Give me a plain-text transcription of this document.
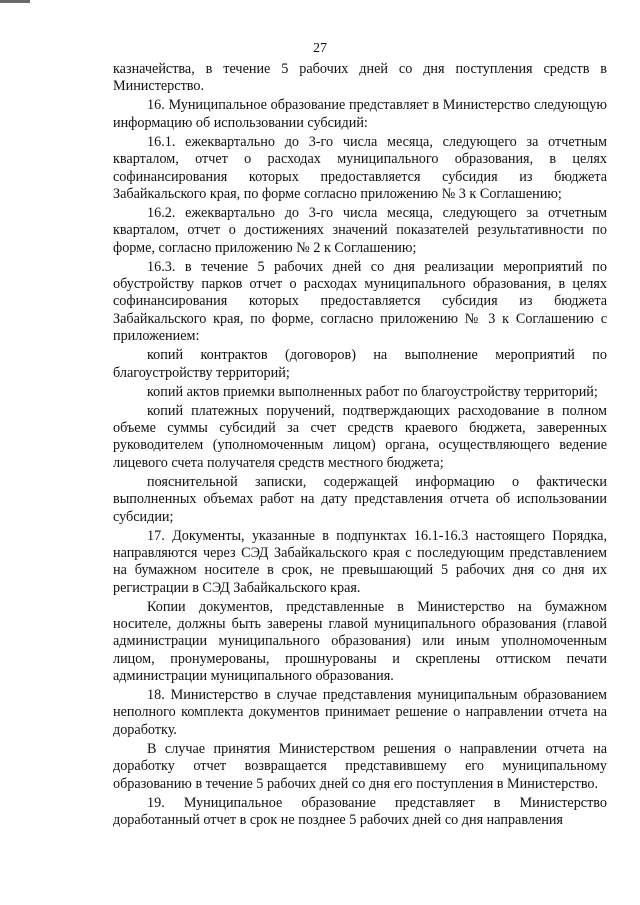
27

казначейства, в течение 5 рабочих дней со дня поступления средств в Министерство.

16. Муниципальное образование представляет в Министерство следующую информацию об использовании субсидий:

16.1. ежеквартально до 3-го числа месяца, следующего за отчетным кварталом, отчет о расходах муниципального образования, в целях софинансирования которых предоставляется субсидия из бюджета Забайкальского края, по форме согласно приложению № 3 к Соглашению;

16.2. ежеквартально до 3-го числа месяца, следующего за отчетным кварталом, отчет о достижениях значений показателей результативности по форме, согласно приложению № 2 к Соглашению;

16.3. в течение 5 рабочих дней со дня реализации мероприятий по обустройству парков отчет о расходах муниципального образования, в целях софинансирования которых предоставляется субсидия из бюджета Забайкальского края, по форме, согласно приложению № 3 к Соглашению с приложением:

копий контрактов (договоров) на выполнение мероприятий по благоустройству территорий;

копий актов приемки выполненных работ по благоустройству территорий;

копий платежных поручений, подтверждающих расходование в полном объеме суммы субсидий за счет средств краевого бюджета, заверенных руководителем (уполномоченным лицом) органа, осуществляющего ведение лицевого счета получателя средств местного бюджета;

пояснительной записки, содержащей информацию о фактически выполненных объемах работ на дату представления отчета об использовании субсидии;

17. Документы, указанные в подпунктах 16.1-16.3 настоящего Порядка, направляются через СЭД Забайкальского края с последующим представлением на бумажном носителе в срок, не превышающий 5 рабочих дня со дня их регистрации в СЭД Забайкальского края.

Копии документов, представленные в Министерство на бумажном носителе, должны быть заверены главой муниципального образования (главой администрации муниципального образования) или иным уполномоченным лицом, пронумерованы, прошнурованы и скреплены оттиском печати администрации муниципального образования.

18. Министерство в случае представления муниципальным образованием неполного комплекта документов принимает решение о направлении отчета на доработку.

В случае принятия Министерством решения о направлении отчета на доработку отчет возвращается представившему его муниципальному образованию в течение 5 рабочих дней со дня его поступления в Министерство.

19. Муниципальное образование представляет в Министерство доработанный отчет в срок не позднее 5 рабочих дней со дня направления
